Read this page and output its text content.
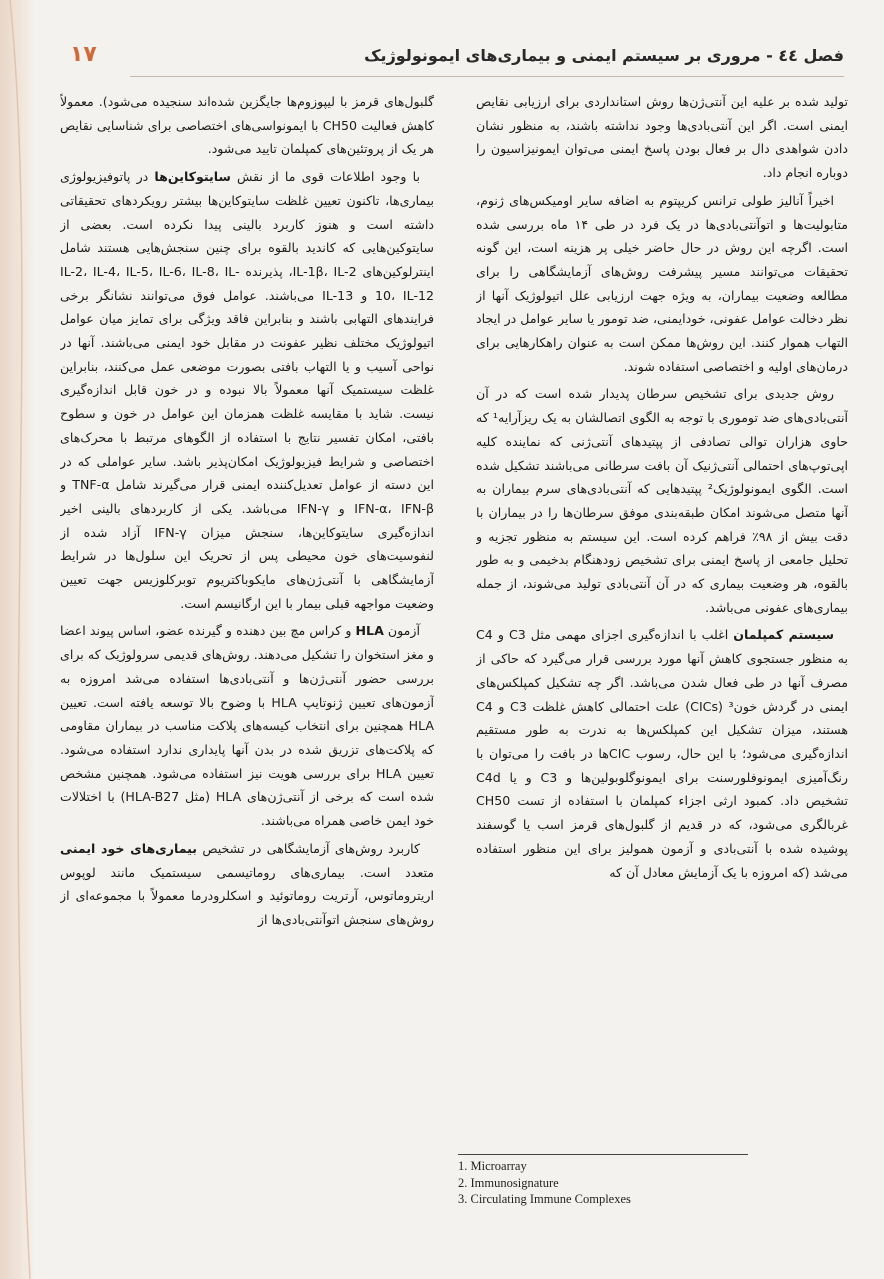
١٧	فصل ٤٤ - مروری بر سیستم ایمنی و بیماری‌های ایمونولوژیک

تولید شده بر علیه این آنتی‌ژن‌ها روش استانداردی برای ارزیابی نقایص ایمنی است. اگر این آنتی‌بادی‌ها وجود نداشته باشند، به منظور نشان دادن شواهدی دال بر فعال بودن پاسخ ایمنی می‌توان ایمونیزاسیون را دوباره انجام داد.

اخیراً آنالیز طولی ترانس کریپتوم به اضافه سایر اومیکس‌های ژنوم، متابولیت‌ها و اتوآنتی‌بادی‌ها در یک فرد در طی ۱۴ ماه بررسی شده است. اگرچه این روش در حال حاضر خیلی پر هزینه است، این گونه تحقیقات می‌توانند مسیر پیشرفت روش‌های آزمایشگاهی را برای مطالعه وضعیت بیماران، به ویژه جهت ارزیابی علل اتیولوژیک آنها از نظر دخالت عوامل عفونی، خودایمنی، ضد تومور یا سایر عوامل در ایجاد التهاب هموار کنند. این روش‌ها ممکن است به عنوان راهکارهایی برای درمان‌های اولیه و اختصاصی استفاده شوند.

روش جدیدی برای تشخیص سرطان پدیدار شده است که در آن آنتی‌بادی‌های ضد توموری با توجه به الگوی اتصالشان به یک ریزآرایه¹ که حاوی هزاران توالی تصادفی از پپتیدهای آنتی‌ژنی که نماینده کلیه اپی‌توپ‌های احتمالی آنتی‌ژنیک آن بافت سرطانی می‌باشند تشکیل شده است. الگوی ایمونولوژیک² پپتیدهایی که آنتی‌بادی‌های سرم بیماران به آنها متصل می‌شوند امکان طبقه‌بندی موفق سرطان‌ها را در بیماران با دقت بیش از ۹۸٪ فراهم کرده است. این سیستم به منظور تجزیه و تحلیل جامعی از پاسخ ایمنی برای تشخیص زودهنگام بدخیمی و به طور بالقوه، هر وضعیت بیماری که در آن آنتی‌بادی تولید می‌شوند، از جمله بیماری‌های عفونی می‌باشد.

سیستم کمپلمان اغلب با اندازه‌گیری اجزای مهمی مثل C3 و C4 به منظور جستجوی کاهش آنها مورد بررسی قرار می‌گیرد که حاکی از مصرف آنها در طی فعال شدن می‌باشد. اگر چه تشکیل کمپلکس‌های ایمنی در گردش خون³ (CICs) علت احتمالی کاهش غلظت C3 و C4 هستند، میزان تشکیل این کمپلکس‌ها به ندرت به طور مستقیم اندازه‌گیری می‌شود؛ با این حال، رسوب CICها در بافت را می‌توان با رنگ‌آمیزی ایمونوفلورسنت برای ایمونوگلوبولین‌ها و C3 و یا C4d تشخیص داد. کمبود ارثی اجزاء کمپلمان با استفاده از تست CH50 غربالگری می‌شود، که در قدیم از گلبول‌های قرمز اسب یا گوسفند پوشیده شده با آنتی‌بادی و آزمون همولیز برای این منظور استفاده می‌شد (که امروزه با یک آزمایش معادل آن که

گلبول‌های قرمز با لیپوزوم‌ها جایگزین شده‌اند سنجیده می‌شود). معمولاً کاهش فعالیت CH50 با ایمونواسی‌های اختصاصی برای شناسایی نقایص هر یک از پروتئین‌های کمپلمان تایید می‌شود.

با وجود اطلاعات قوی ما از نقش سایتوکاین‌ها در پاتوفیزیولوژی بیماری‌ها، تاکنون تعیین غلظت سایتوکاین‌ها بیشتر رویکردهای تحقیقاتی داشته است و هنوز کاربرد بالینی پیدا نکرده است. بعضی از سایتوکین‌هایی که کاندید بالقوه برای چنین سنجش‌هایی هستند شامل اینترلوکین‌های IL-1β، IL-2، پذیرنده IL-2، IL-4، IL-5، IL-6، IL-8، IL-10، IL-12 و IL-13 می‌باشند. عوامل فوق می‌توانند نشانگر برخی فرایندهای التهابی باشند و بنابراین فاقد ویژگی برای تمایز میان عوامل اتیولوژیک مختلف نظیر عفونت در مقابل خود ایمنی می‌باشند. آنها در نواحی آسیب و یا التهاب بافتی بصورت موضعی عمل می‌کنند، بنابراین غلظت سیستمیک آنها معمولاً بالا نبوده و در خون قابل اندازه‌گیری نیست. شاید با مقایسه غلظت همزمان این عوامل در خون و سطوح بافتی، امکان تفسیر نتایج با استفاده از الگوهای مرتبط با محرک‌های اختصاصی و شرایط فیزیولوژیک امکان‌پذیر باشد. سایر عواملی که در این دسته از عوامل تعدیل‌کننده ایمنی قرار می‌گیرند شامل TNF-α و IFN-α، IFN-β و IFN-γ می‌باشد. یکی از کاربردهای بالینی اخیر اندازه‌گیری سایتوکاین‌ها، سنجش میزان IFN-γ آزاد شده از لنفوسیت‌های خون محیطی پس از تحریک این سلول‌ها در شرایط آزمایشگاهی با آنتی‌ژن‌های مایکوباکتریوم توبرکلوزیس جهت تعیین وضعیت مواجهه قبلی بیمار با این ارگانیسم است.

آزمون HLA و کراس مچ بین دهنده و گیرنده عضو، اساس پیوند اعضا و مغز استخوان را تشکیل می‌دهند. روش‌های قدیمی سرولوژیک که برای بررسی حضور آنتی‌ژن‌ها و آنتی‌بادی‌ها استفاده می‌شد امروزه به آزمون‌های تعیین ژنوتایپ HLA با وضوح بالا توسعه یافته است. تعیین HLA همچنین برای انتخاب کیسه‌های پلاکت مناسب در بیماران مقاومی که پلاکت‌های تزریق شده در بدن آنها پایداری ندارد استفاده می‌شود. تعیین HLA برای بررسی هویت نیز استفاده می‌شود. همچنین مشخص شده است که برخی از آنتی‌ژن‌های HLA (مثل HLA-B27) با اختلالات خود ایمن خاصی همراه می‌باشند.

کاربرد روش‌های آزمایشگاهی در تشخیص بیماری‌های خود ایمنی متعدد است. بیماری‌های روماتیسمی سیستمیک مانند لوپوس اریتروماتوس، آرتریت روماتوئید و اسکلرودرما معمولاً با مجموعه‌ای از روش‌های سنجش اتوآنتی‌بادی‌ها از

1. Microarray
2. Immunosignature
3. Circulating Immune Complexes
